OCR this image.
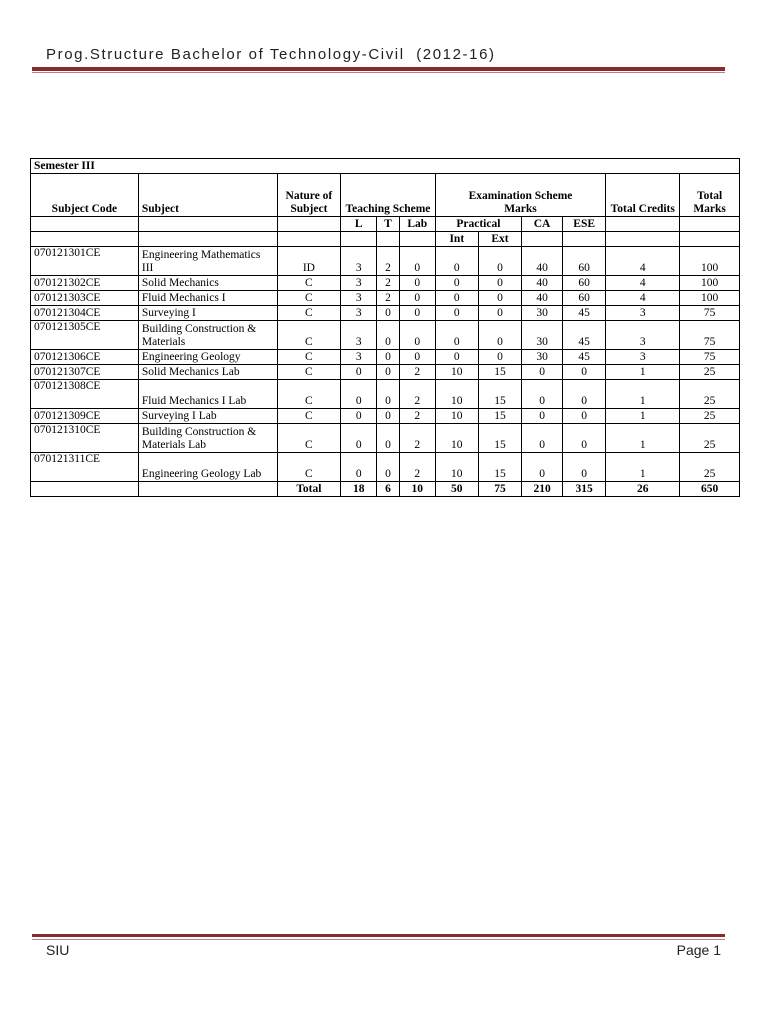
Prog.Structure Bachelor of Technology-Civil  (2012-16)
Semester III											
Subject Code	Subject	Nature of Subject	Teaching Scheme			Examination Scheme Marks				Total Credits	Total Marks
			L	T	Lab	Practical		CA	ESE		
						Int	Ext				
070121301CE	Engineering Mathematics III	ID	3	2	0	0	0	40	60	4	100
070121302CE	Solid Mechanics	C	3	2	0	0	0	40	60	4	100
070121303CE	Fluid Mechanics I	C	3	2	0	0	0	40	60	4	100
070121304CE	Surveying I	C	3	0	0	0	0	30	45	3	75
070121305CE	Building Construction & Materials	C	3	0	0	0	0	30	45	3	75
070121306CE	Engineering Geology	C	3	0	0	0	0	30	45	3	75
070121307CE	Solid Mechanics Lab	C	0	0	2	10	15	0	0	1	25
070121308CE	Fluid Mechanics I Lab	C	0	0	2	10	15	0	0	1	25
070121309CE	Surveying I Lab	C	0	0	2	10	15	0	0	1	25
070121310CE	Building Construction & Materials Lab	C	0	0	2	10	15	0	0	1	25
070121311CE	Engineering Geology Lab	C	0	0	2	10	15	0	0	1	25
		Total	18	6	10	50	75	210	315	26	650
SIU	Page 1
